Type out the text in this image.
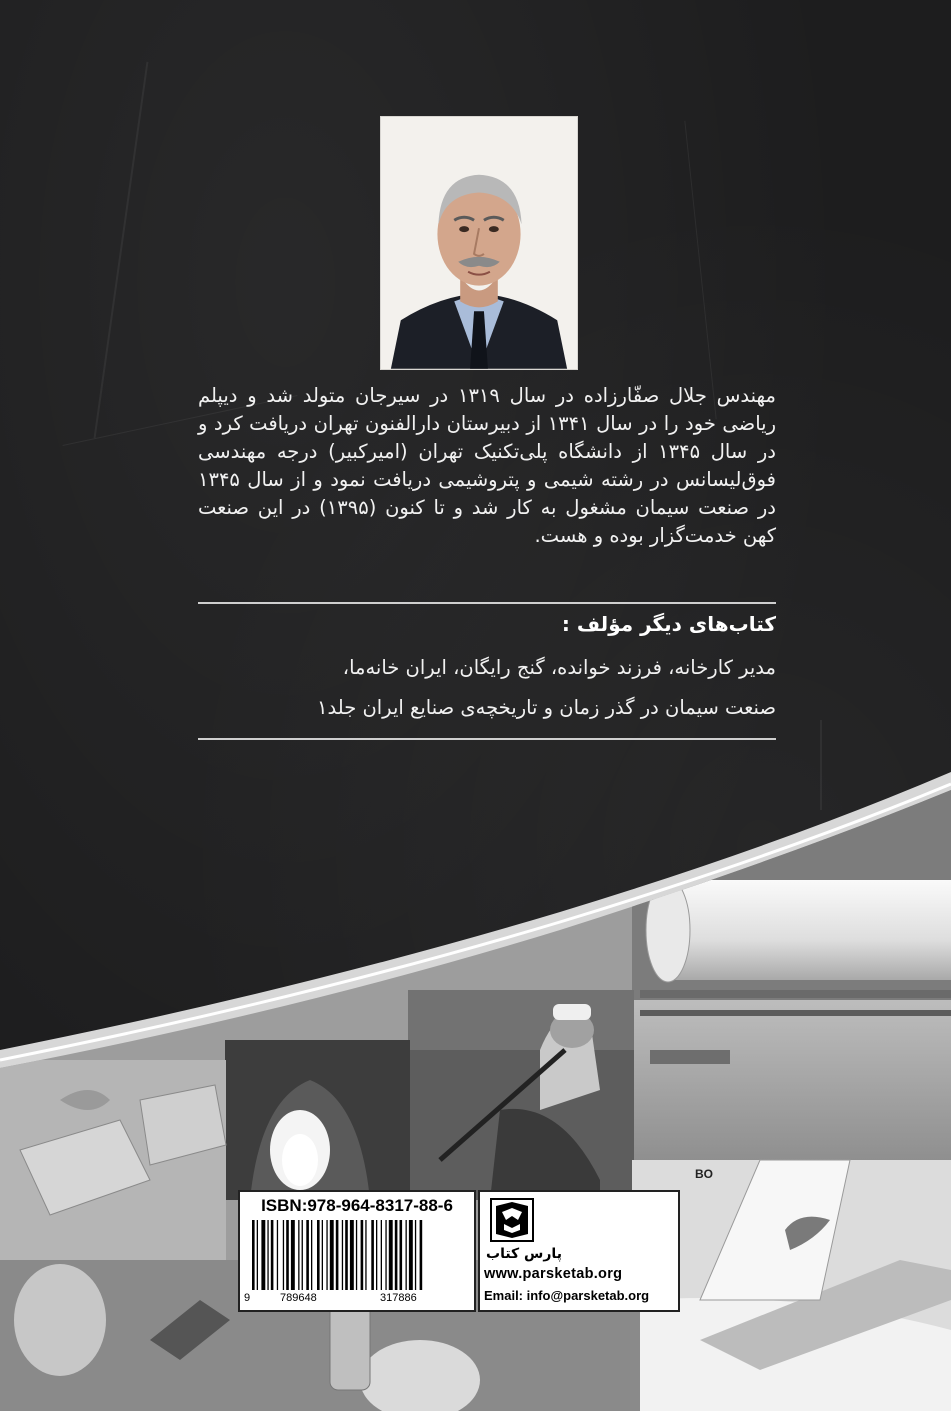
مهندس جلال صفّارزاده در سال ۱۳۱۹ در سیرجان متولد شد و دیپلم ریاضی خود را در سال ۱۳۴۱ از دبیرستان دارالفنون تهران دریافت کرد و در سال ۱۳۴۵ از دانشگاه پلی‌تکنیک تهران (امیرکبیر) درجه مهندسی فوق‌لیسانس در رشته شیمی و پتروشیمی دریافت نمود و از سال ۱۳۴۵ در صنعت سیمان مشغول به کار شد و تا کنون (۱۳۹۵) در این صنعت کهن خدمت‌گزار بوده و هست.

کتاب‌های دیگر مؤلف :

مدیر کارخانه، فرزند خوانده، گنج رایگان، ایران خانه‌ما،

صنعت سیمان در گذر زمان و تاریخچه‌ی صنایع ایران جلد۱

ISBN:978-964-8317-88-6
9	789648	317886
پارس کتاب
www.parsketab.org
Email: info@parsketab.org
BO
